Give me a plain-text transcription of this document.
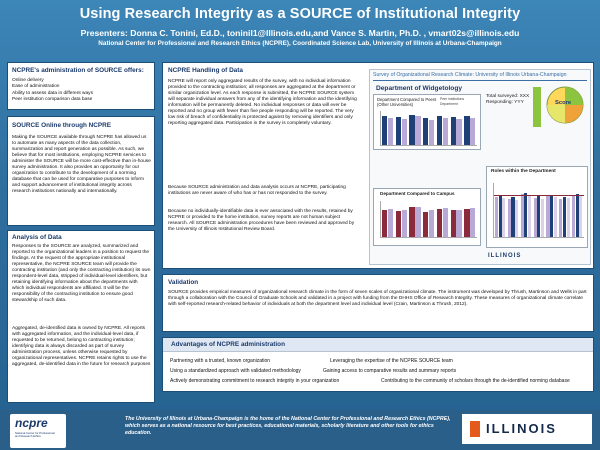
Using Research Integrity as a SOURCE of Institutional Integrity
Presenters: Donna C. Tonini, Ed.D., toninil1@Illinois.edu,and Vance S. Martin, Ph.D. , vmart02s@illinois.edu
National Center for Professional and Research Ethics (NCPRE), Coordinated Science Lab, University of Illinois at Urbana-Champaign
NCPRE's administration of SOURCE offers:
Online delivery
Ease of administration
Ability to assess data in different ways
Peer institution comparison data base
SOURCE Online through NCPRE
Making the SOURCE available through NCPRE has allowed us to automate as many aspects of the data collection, summarization and report generation as possible. As such, we believe that for most institutions, employing NCPRE services to administer the SOURCE will be more cost-effective than in-house survey administration. It also provides an opportunity for our organization to contribute to the development of a norming database that can be used for comparative purposes to inform and support advancement of institutional integrity across research institutions nationally and internationally.
Analysis of Data
Responses to the SOURCE are analyzed, summarized and reported to the organizational leaders in a position to request the findings. At the request of the appropriate institutional representative, the NCPRE SOURCE team will provide the contracting institution (and only the contracting institution) its own respondent-level data, stripped of individual-level identifiers, but retaining identifying information about the departments with which individual respondents are affiliated. It will be the responsibility of the contracting institution to ensure good stewardship of such data.
Aggregated, de-identified data is owned by NCPRE. All reports with aggregated information, and the individual-level data, if requested to be returned, belong to contracting institution; identifying data is always discarded as part of survey administration process, unless otherwise requested by organizational representatives. NCPRE retains rights to use the aggregated, de-identified data in the future for research purposes
NCPRE Handling of Data
NCPRE will report only aggregated results of the survey, with no individual information provided to the contracting institution; all responses are aggregated at the department or similar organization level. As each response is submitted, the NCPRE SOURCE system will separate individual answers from any of the identifying information and the identifying information will be permanently deleted. No individual responses or data will ever be reported and no group with fewer than five people responding will be reported. The very low risk of breach of confidentiality is protected against by removing identifiers and only reporting aggregated data. Participation in the survey is completely voluntary.
Because SOURCE administration and data analysis occurs at NCPRE, participating institutions are never aware of who has or has not responded to the survey.
Because no individually-identifiable data is ever associated with the results, retained by NCPRE or provided to the home institution, survey reports are not human subject research. All SOURCE administration procedures have been reviewed and approved by the University of Illinois Institutional Review Board.
Survey of Organizational Research Climate: University of Illinois Urbana-Champaign
Department of Widgetology
Total surveyed: XXX
Responding: YYY	Score
Department Compared to Peers (Other Universities)
Peer institutions
Department
Department Compared to Campus
Roles within the Department
ILLINOIS
Validation
SOURCE provides empirical measures of organizational research climate in the form of seven scales of organizational climate. The instrument was developed by Thrush, Martinson and Wells in part through a collaboration with the Council of Graduate Schools and validated in a project with funding from the DHHS Office of Research Integrity. These measures of organizational climate correlate with self-reported research-related behavior of individuals at both the department level and individual level (Crain, Martinson & Thrush, 2012).
Advantages of NCPRE administration
Partnering with a trusted, known organization	Leveraging the expertise of the NCPRE SOURCE team
Using a standardized approach with validated methodology	Gaining access to comparative results and summary reports
Actively demonstrating commitment to research integrity in your organization	Contributing to the community of scholars through the de-identified norming database
ncpre
National Center for Professional and Research Ethics
The University of Illinois at Urbana-Champaign is the home of the National Center for Professional and Research Ethics (NCPRE), which serves as a national resource for best practices, educational materials, scholarly literature and other tools for ethics education.	ILLINOIS
